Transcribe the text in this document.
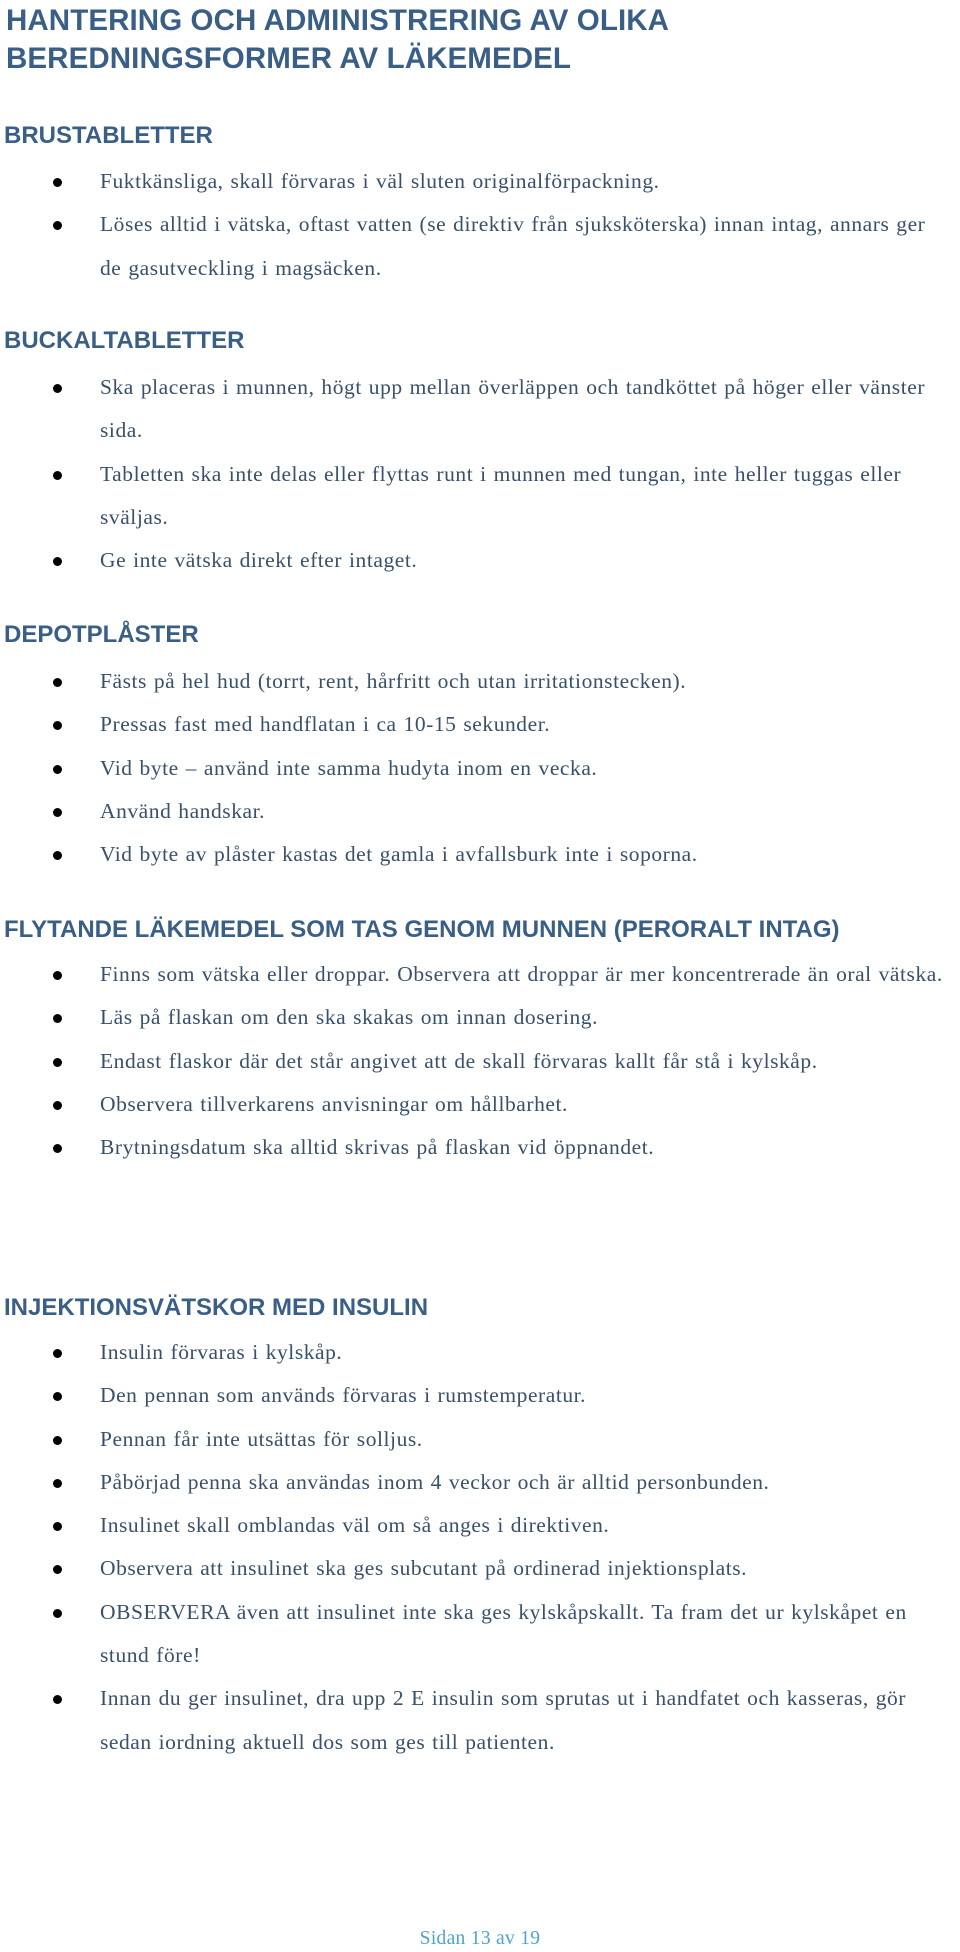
HANTERING OCH ADMINISTRERING AV OLIKA
BEREDNINGSFORMER AV LÄKEMEDEL
BRUSTABLETTER
Fuktkänsliga, skall förvaras i väl sluten originalförpackning.
Löses alltid i vätska, oftast vatten (se direktiv från sjuksköterska) innan intag, annars ger de gasutveckling i magsäcken.
BUCKALTABLETTER
Ska placeras i munnen, högt upp mellan överläppen och tandköttet på höger eller vänster sida.
Tabletten ska inte delas eller flyttas runt i munnen med tungan, inte heller tuggas eller sväljas.
Ge inte vätska direkt efter intaget.
DEPOTPLÅSTER
Fästs på hel hud (torrt, rent, hårfritt och utan irritationstecken).
Pressas fast med handflatan i ca 10-15 sekunder.
Vid byte – använd inte samma hudyta inom en vecka.
Använd handskar.
Vid byte av plåster kastas det gamla i avfallsburk inte i soporna.
FLYTANDE LÄKEMEDEL SOM TAS GENOM MUNNEN (PERORALT INTAG)
Finns som vätska eller droppar. Observera att droppar är mer koncentrerade än oral vätska.
Läs på flaskan om den ska skakas om innan dosering.
Endast flaskor där det står angivet att de skall förvaras kallt får stå i kylskåp.
Observera tillverkarens anvisningar om hållbarhet.
Brytningsdatum ska alltid skrivas på flaskan vid öppnandet.
INJEKTIONSVÄTSKOR MED INSULIN
Insulin förvaras i kylskåp.
Den pennan som används förvaras i rumstemperatur.
Pennan får inte utsättas för solljus.
Påbörjad penna ska användas inom 4 veckor och är alltid personbunden.
Insulinet skall omblandas väl om så anges i direktiven.
Observera att insulinet ska ges subcutant på ordinerad injektionsplats.
OBSERVERA även att insulinet inte ska ges kylskåpskallt. Ta fram det ur kylskåpet en stund före!
Innan du ger insulinet, dra upp 2 E insulin som sprutas ut i handfatet och kasseras, gör sedan iordning aktuell dos som ges till patienten.
Sidan 13 av 19
